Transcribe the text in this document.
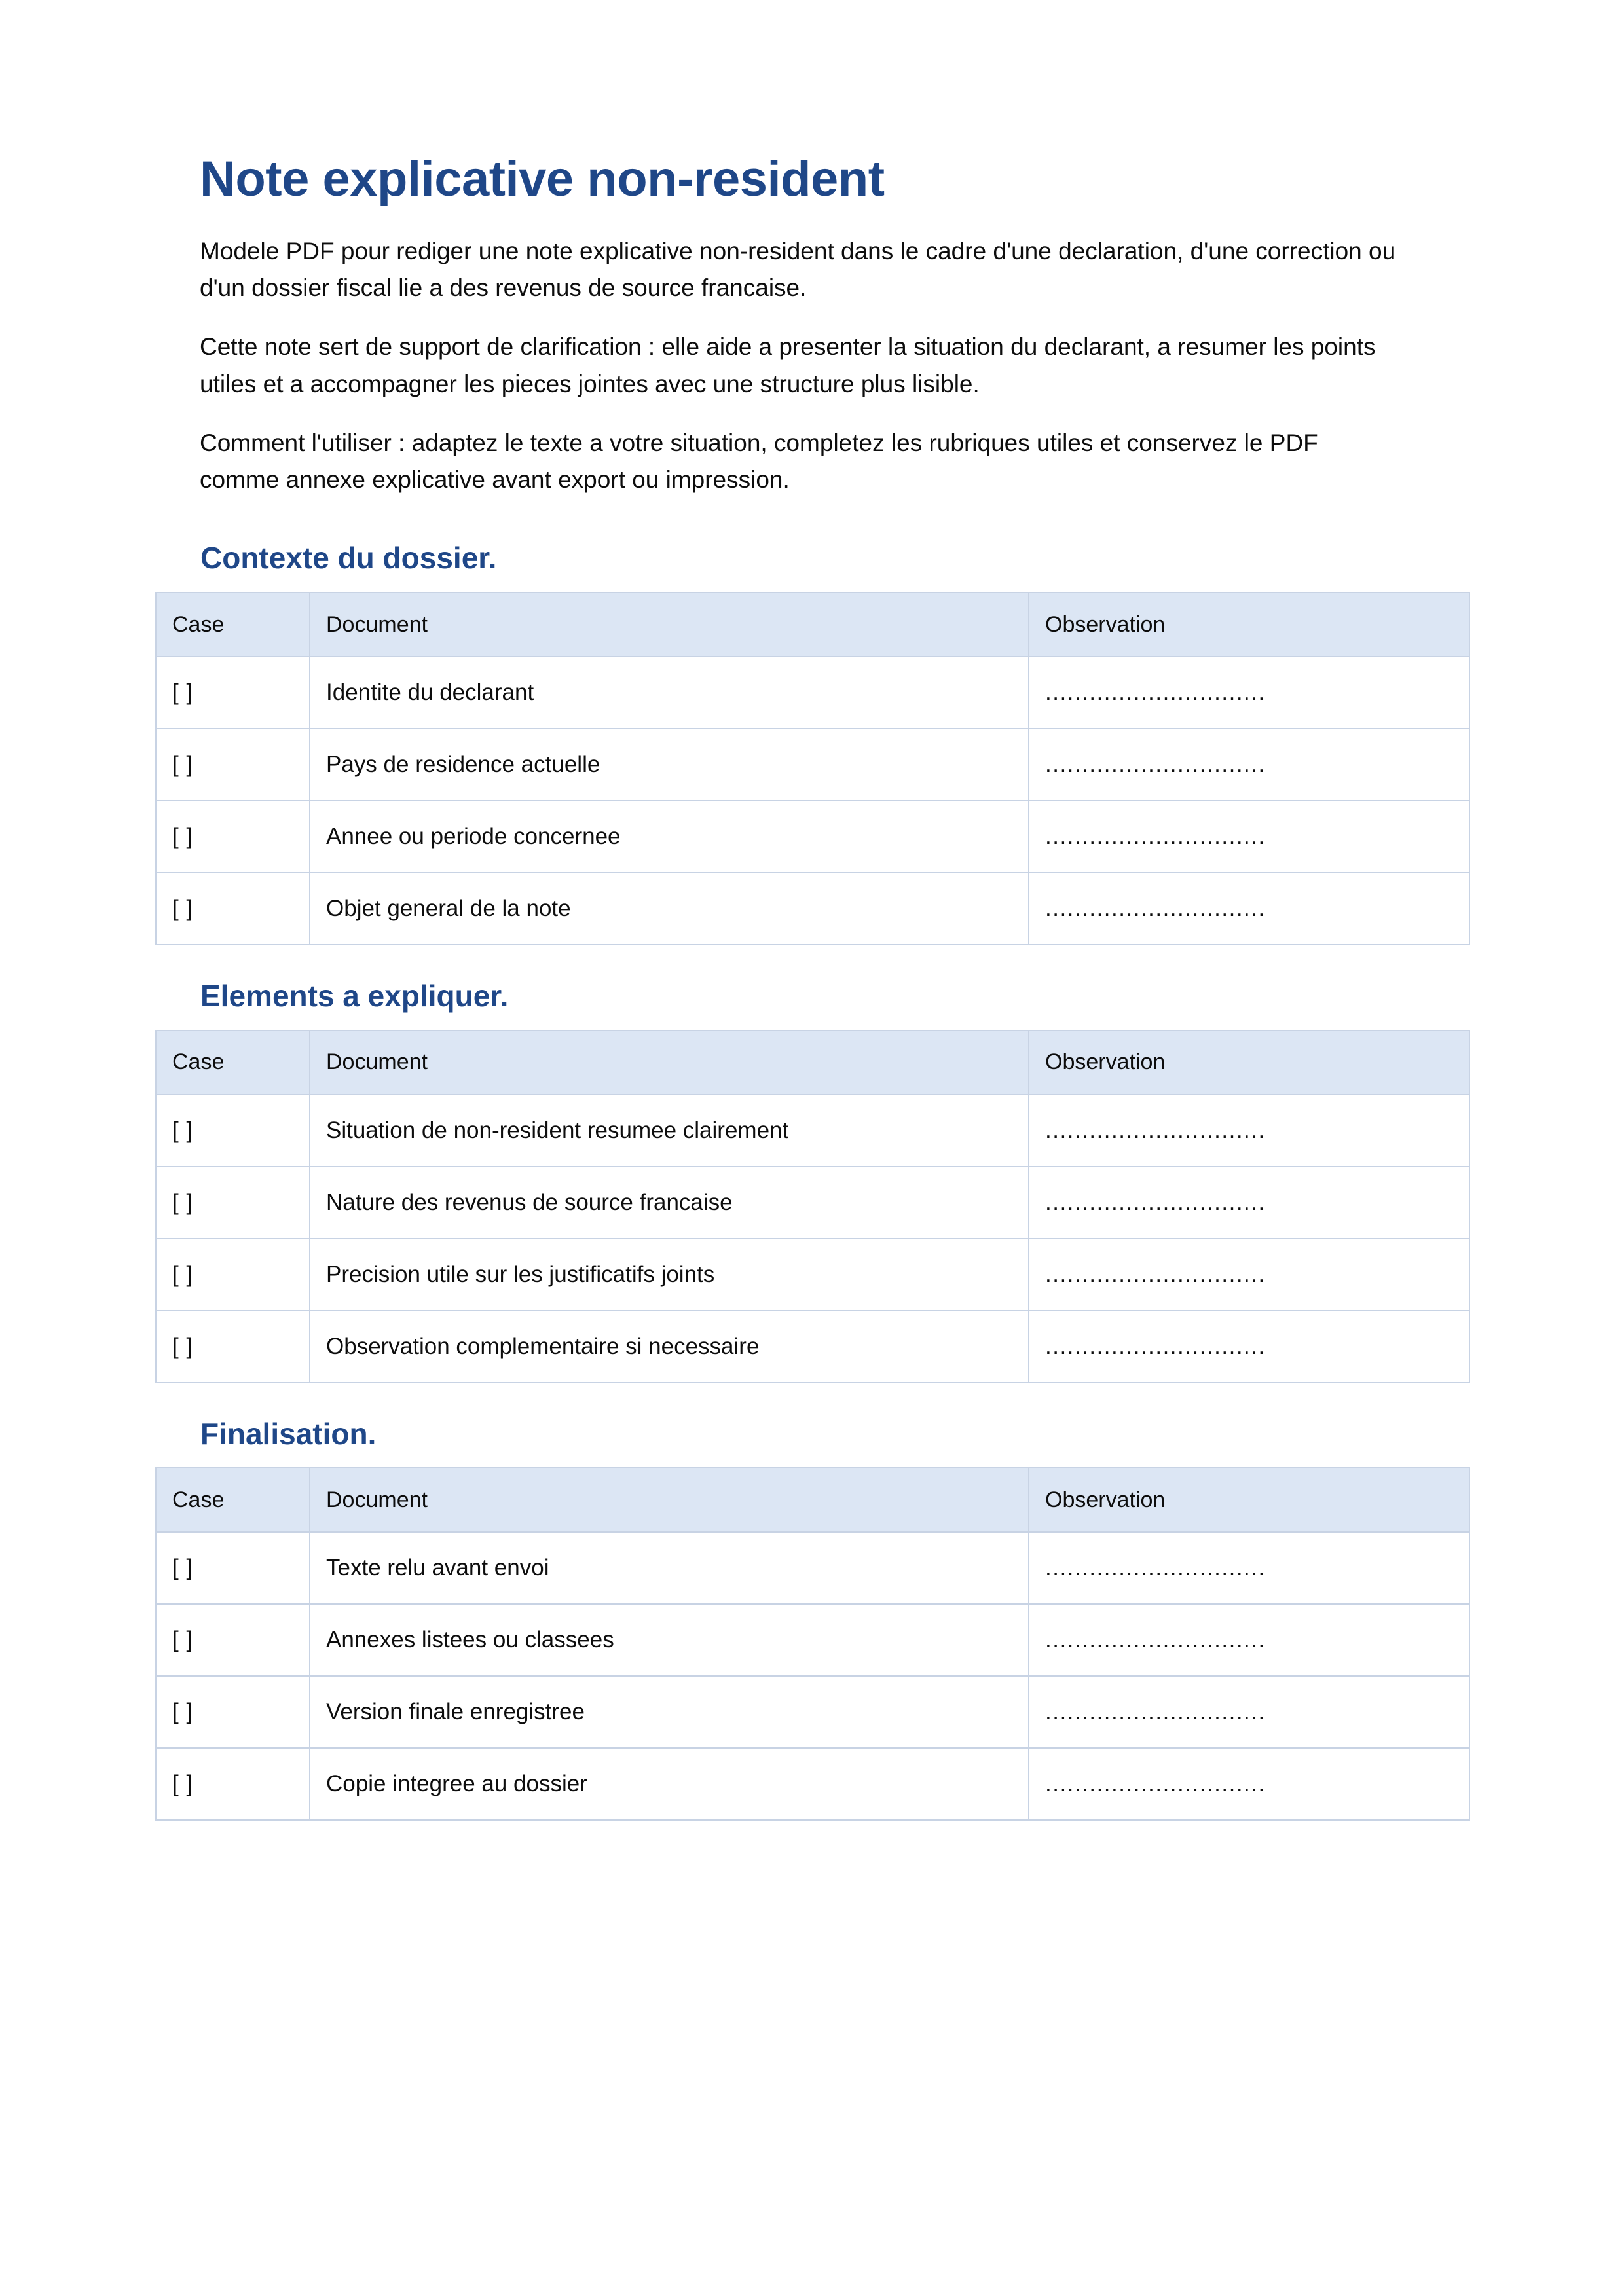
Note explicative non-resident

Modele PDF pour rediger une note explicative non-resident dans le cadre d'une declaration, d'une correction ou d'un dossier fiscal lie a des revenus de source francaise.

Cette note sert de support de clarification : elle aide a presenter la situation du declarant, a resumer les points utiles et a accompagner les pieces jointes avec une structure plus lisible.

Comment l'utiliser : adaptez le texte a votre situation, completez les rubriques utiles et conservez le PDF comme annexe explicative avant export ou impression.

Contexte du dossier.
Case	Document	Observation
[ ]	Identite du declarant	..............................
[ ]	Pays de residence actuelle	..............................
[ ]	Annee ou periode concernee	..............................
[ ]	Objet general de la note	..............................
Elements a expliquer.
Case	Document	Observation
[ ]	Situation de non-resident resumee clairement	..............................
[ ]	Nature des revenus de source francaise	..............................
[ ]	Precision utile sur les justificatifs joints	..............................
[ ]	Observation complementaire si necessaire	..............................
Finalisation.
Case	Document	Observation
[ ]	Texte relu avant envoi	..............................
[ ]	Annexes listees ou classees	..............................
[ ]	Version finale enregistree	..............................
[ ]	Copie integree au dossier	..............................
